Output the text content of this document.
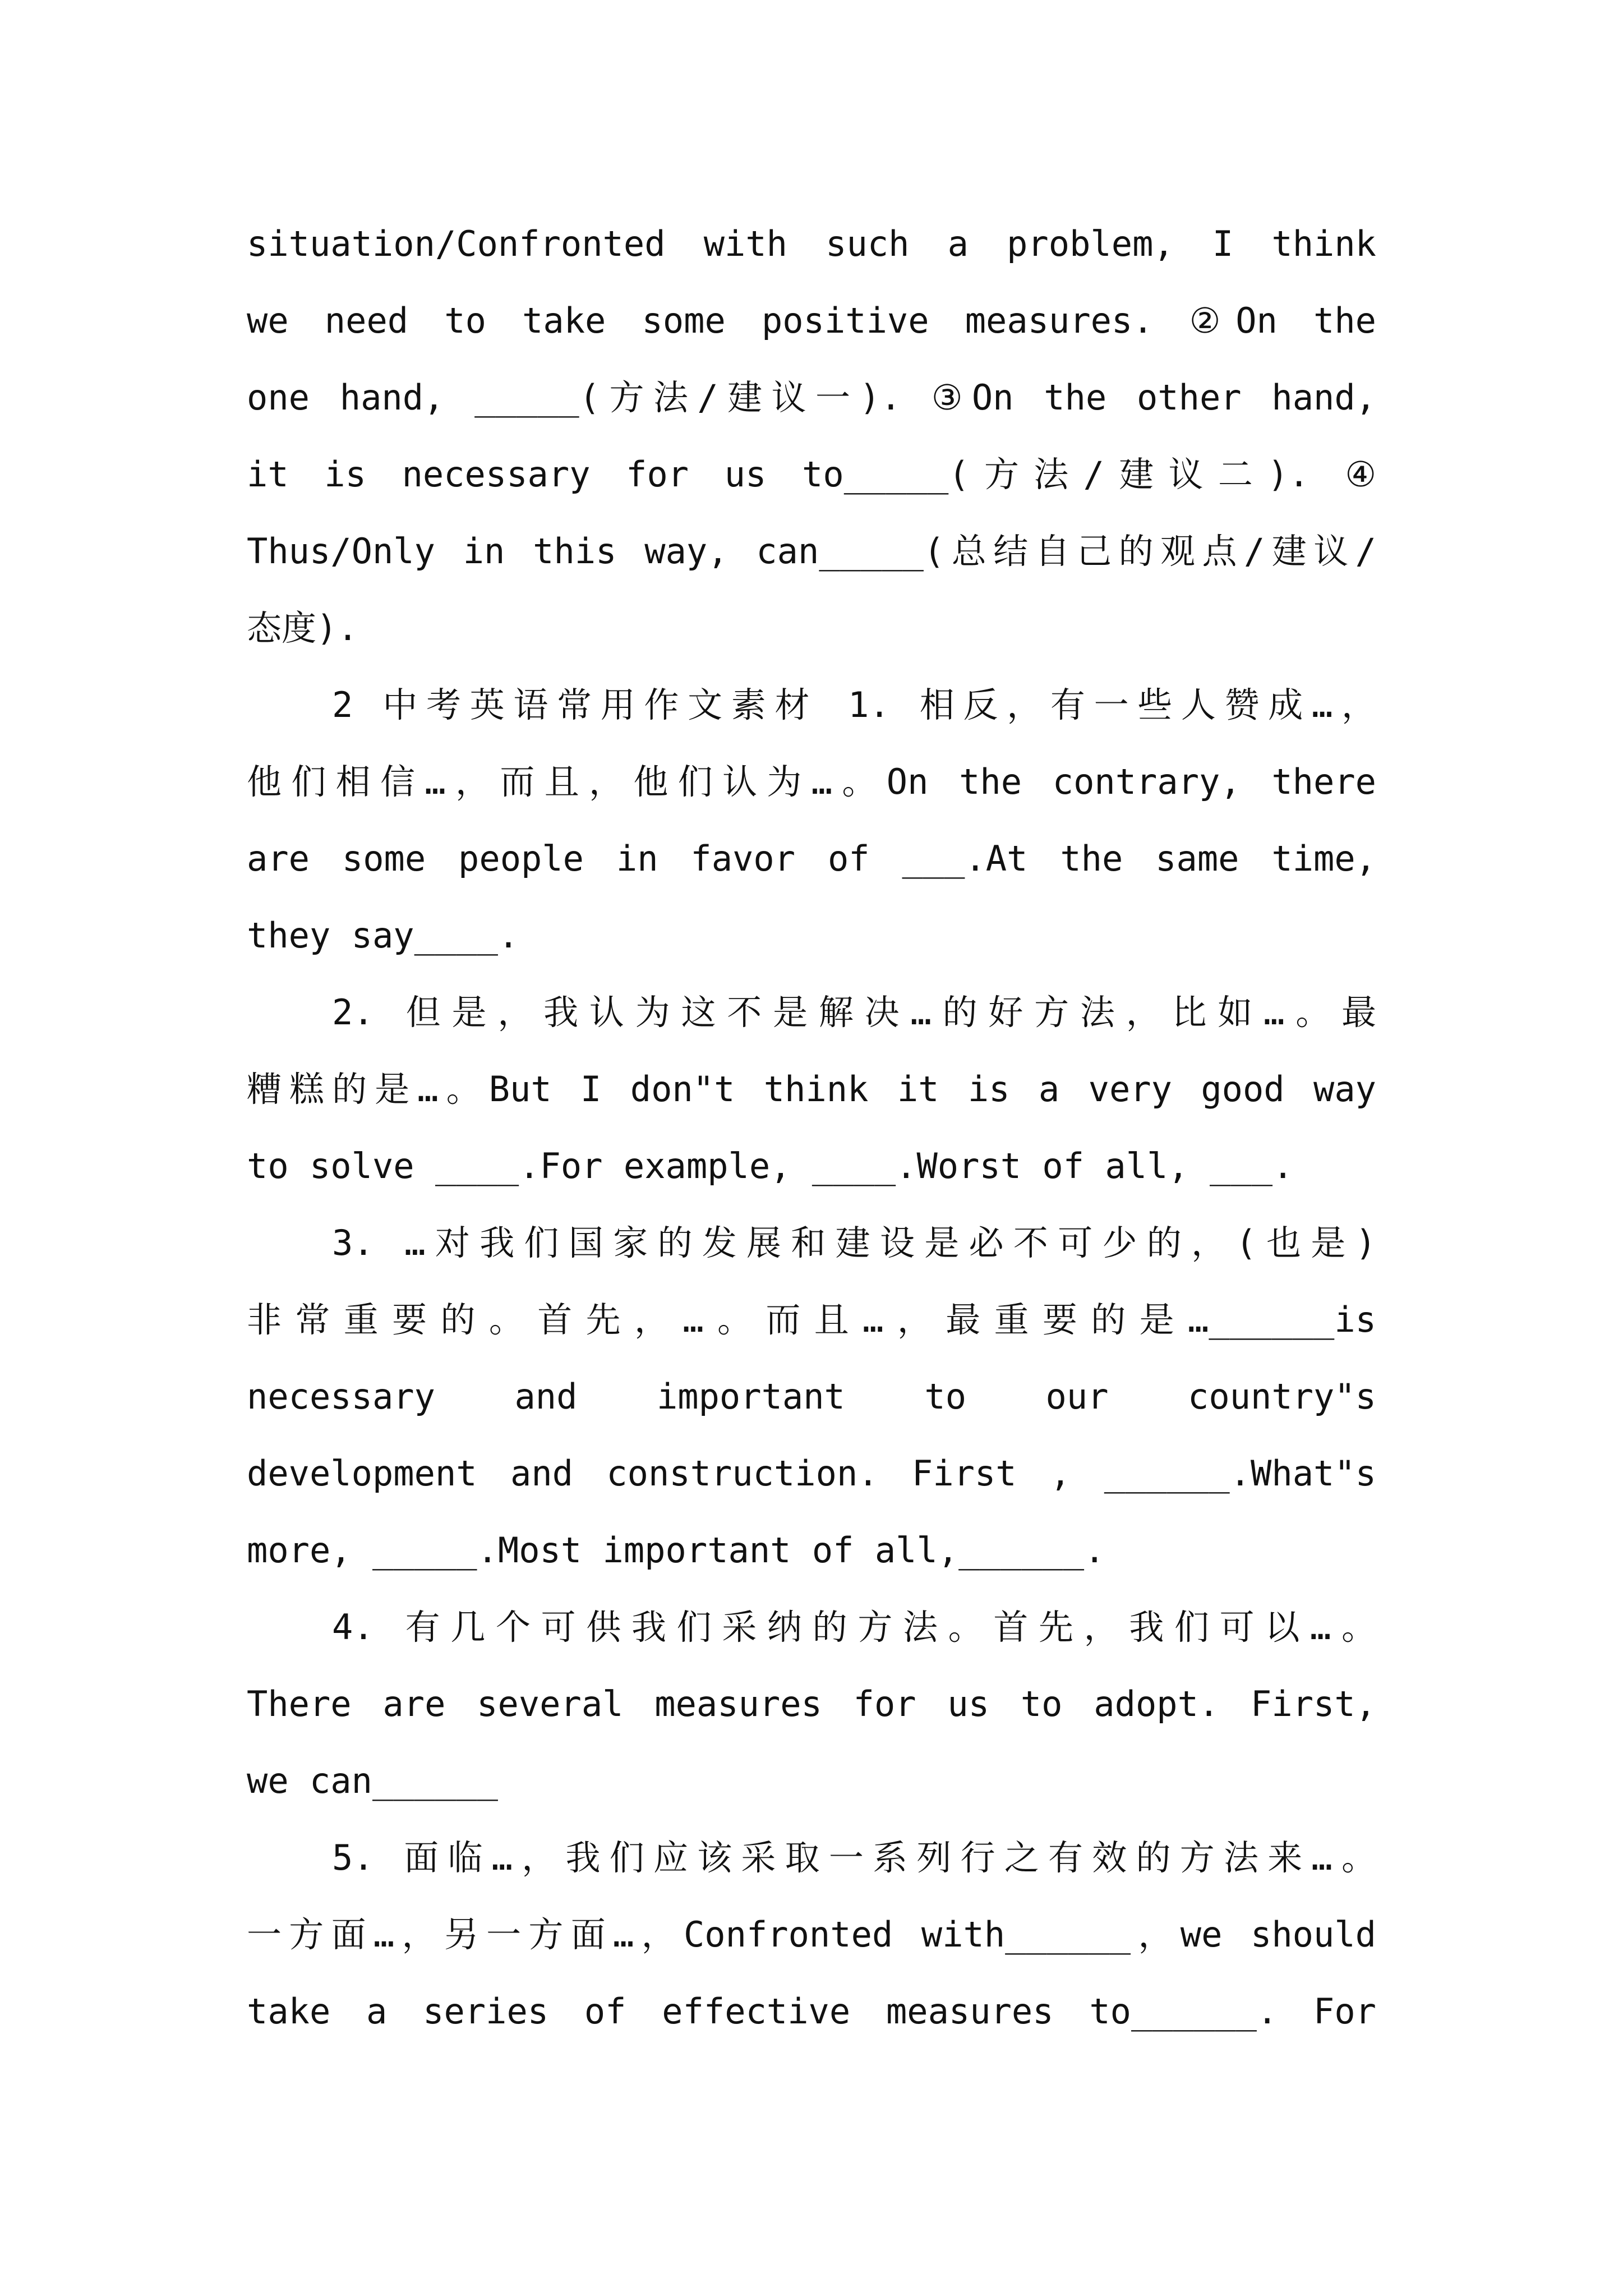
situation/Confronted with such a problem, I think
we need to take some positive measures. ②On the
one hand, _____(方法/建议一). ③On the other hand,
it is necessary for us to_____(方法/建议二). ④
Thus/Only in this way, can_____(总结自己的观点/建议/
态度).
2 中考英语常用作文素材 1. 相反，有一些人赞成…，
他们相信…，而且，他们认为…。On the contrary, there
are some people in favor of ___.At the same time,
they say____.
2. 但是，我认为这不是解决…的好方法，比如…。最
糟糕的是…。But I don"t think it is a very good way
to solve ____.For example, ____.Worst of all, ___.
3. …对我们国家的发展和建设是必不可少的，(也是)
非常重要的。首先，…。而且…，最重要的是…______is
necessary and important to our country"s
development and construction. First , ______.What"s
more, _____.Most important of all,______.
4. 有几个可供我们采纳的方法。首先，我们可以…。
There are several measures for us to adopt. First,
we can______
5. 面临…，我们应该采取一系列行之有效的方法来…。
一方面…，另一方面…，Confronted with______，we should
take a series of effective measures to______. For
